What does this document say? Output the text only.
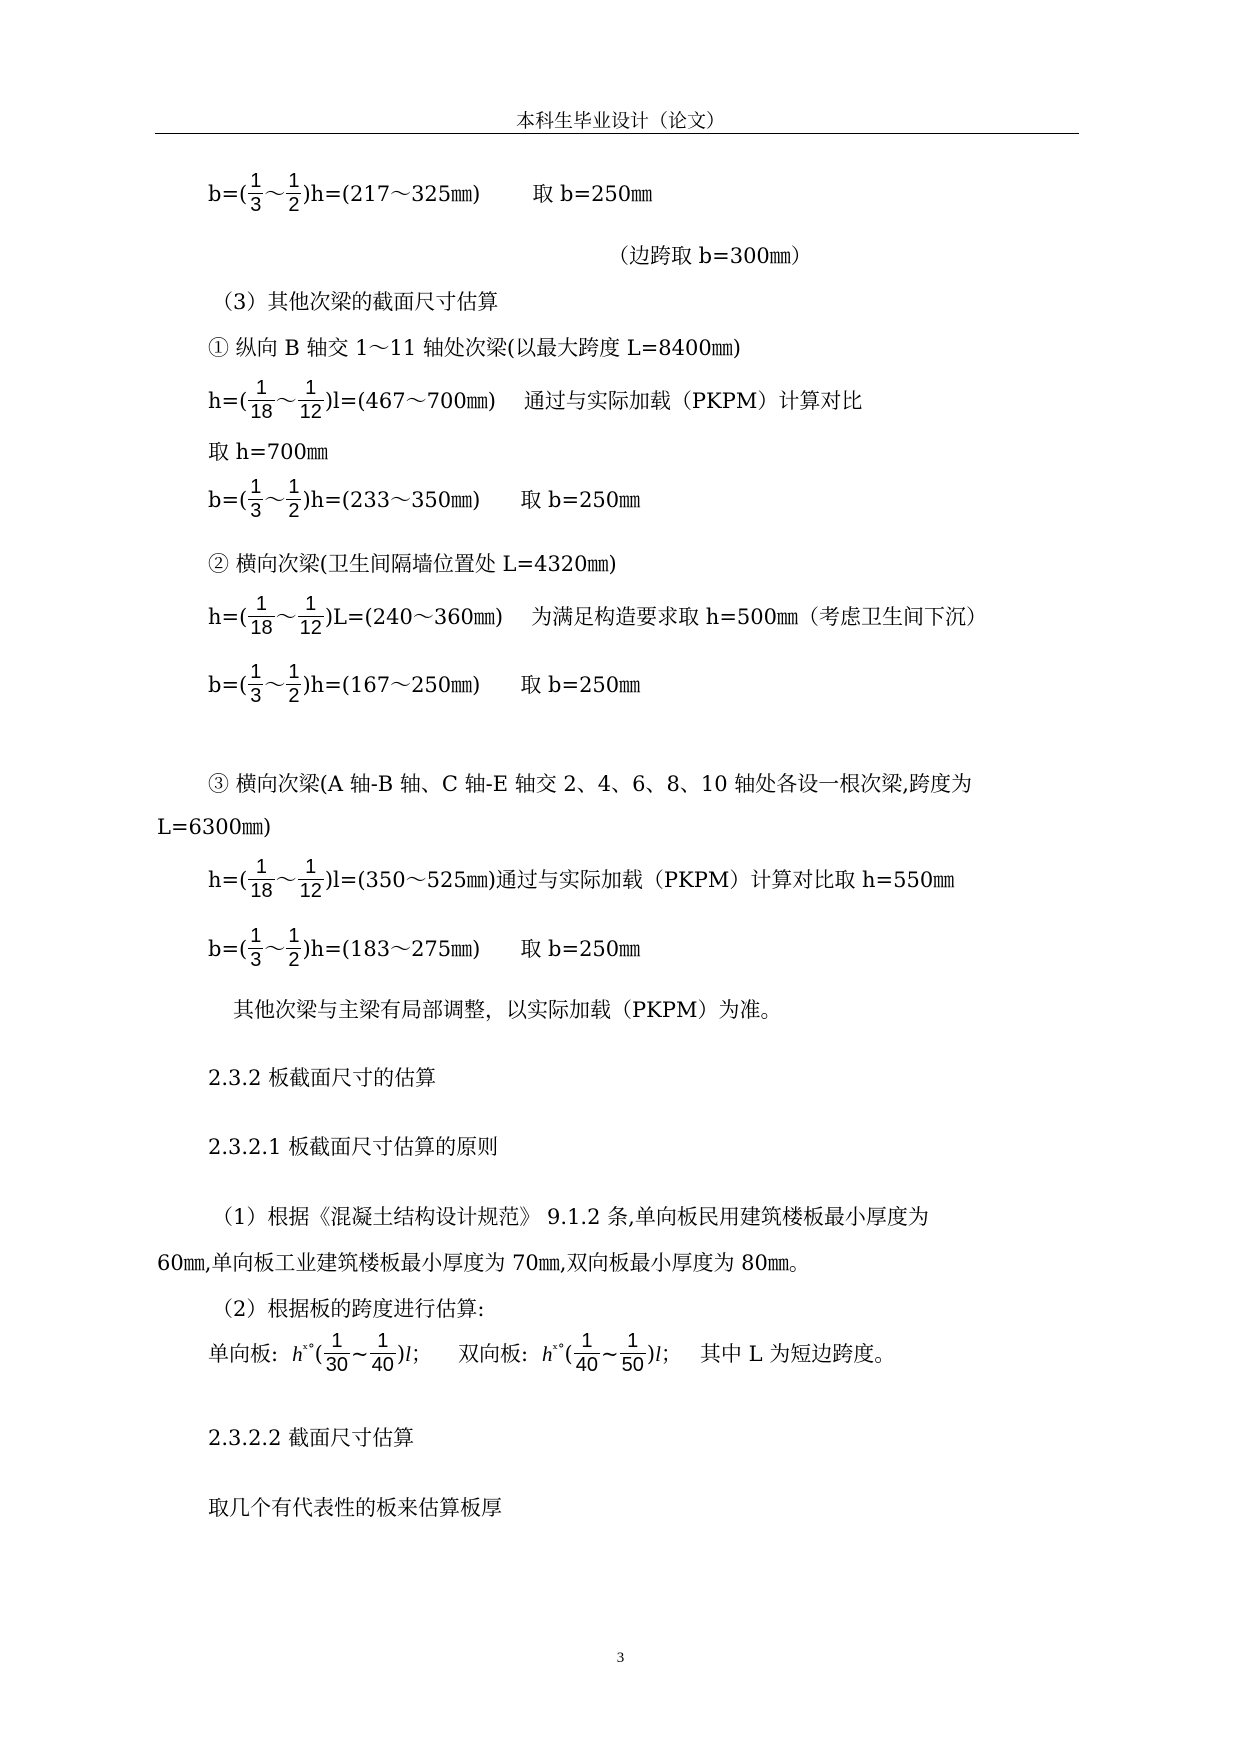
本科生毕业设计（论文）
$b=( \frac{1}{3}$ ～ $\frac{1}{2}$ )h=(217～325㎜) 取 b=250㎜
（边跨取 b=300㎜）
（3）其他次梁的截面尺寸估算
① 纵向 B 轴交 1～11 轴处次梁(以最大跨度 L=8400㎜)
$h=( \frac{1}{18}$ ～ $\frac{1}{12}$ )l=(467～700㎜) 通过与实际加载（PKPM）计算对比
取 h=700㎜
$b=( \frac{1}{3}$ ～ $\frac{1}{2}$ )h=(233～350㎜) 取 b=250㎜
② 横向次梁(卫生间隔墙位置处 L=4320㎜)
$h=( \frac{1}{18}$ ～ $\frac{1}{12}$ )L=(240～360㎜) 为满足构造要求取 h=500㎜（考虑卫生间下沉）
$b=( \frac{1}{3}$ ～ $\frac{1}{2}$ )h=(167～250㎜) 取 b=250㎜
③ 横向次梁(A 轴-B 轴、C 轴-E 轴交 2、4、6、8、10 轴处各设一根次梁,跨度为
L=6300㎜)
$h=( \frac{1}{18}$ ～ $\frac{1}{12}$ )l=(350～525㎜)通过与实际加载（PKPM）计算对比取 h=550㎜
$b=( \frac{1}{3}$ ～ $\frac{1}{2}$ )h=(183～275㎜) 取 b=250㎜
其他次梁与主梁有局部调整，以实际加载（PKPM）为准。
2.3.2 板截面尺寸的估算
2.3.2.1 板截面尺寸估算的原则
（1）根据《混凝土结构设计规范》 9.1.2 条,单向板民用建筑楼板最小厚度为
60㎜,单向板工业建筑楼板最小厚度为 70㎜,双向板最小厚度为 80㎜。
（2）根据板的跨度进行估算:
单向板: h ˣ° ( $\frac{1}{30}$ ~ $\frac{1}{40}$ ) l ； 双向板: h ˣ° ( $\frac{1}{40}$ ~ $\frac{1}{50}$ ) l ； 其中 L 为短边跨度。
2.3.2.2 截面尺寸估算
取几个有代表性的板来估算板厚
3
